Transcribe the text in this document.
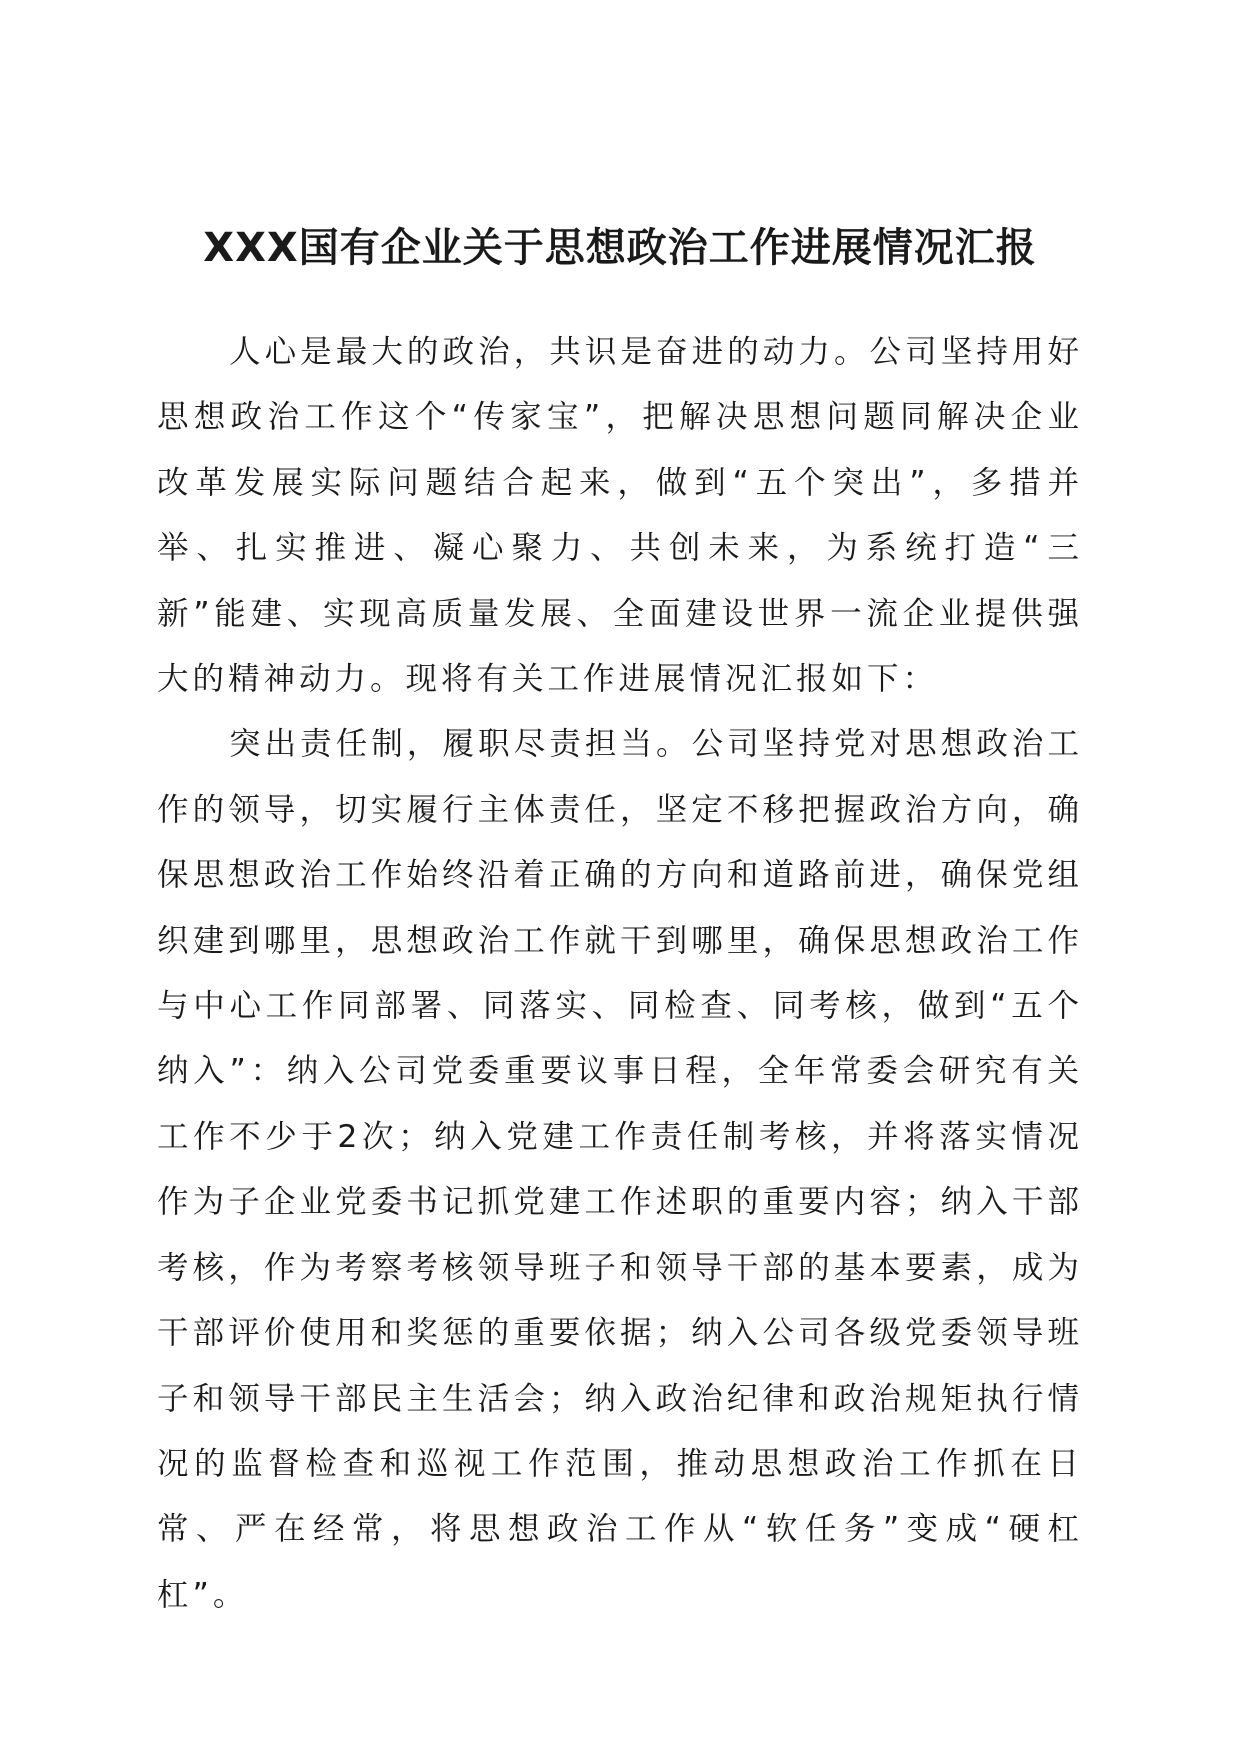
XXX国有企业关于思想政治工作进展情况汇报

人心是最大的政治，共识是奋进的动力。公司坚持用好思想政治工作这个“传家宝”，把解决思想问题同解决企业改革发展实际问题结合起来，做到“五个突出”，多措并举、扎实推进、凝心聚力、共创未来，为系统打造“三新”能建、实现高质量发展、全面建设世界一流企业提供强大的精神动力。现将有关工作进展情况汇报如下：

突出责任制，履职尽责担当。公司坚持党对思想政治工作的领导，切实履行主体责任，坚定不移把握政治方向，确保思想政治工作始终沿着正确的方向和道路前进，确保党组织建到哪里，思想政治工作就干到哪里，确保思想政治工作与中心工作同部署、同落实、同检查、同考核，做到“五个纳入”：纳入公司党委重要议事日程，全年常委会研究有关工作不少于2次；纳入党建工作责任制考核，并将落实情况作为子企业党委书记抓党建工作述职的重要内容；纳入干部考核，作为考察考核领导班子和领导干部的基本要素，成为干部评价使用和奖惩的重要依据；纳入公司各级党委领导班子和领导干部民主生活会；纳入政治纪律和政治规矩执行情况的监督检查和巡视工作范围，推动思想政治工作抓在日常、严在经常，将思想政治工作从“软任务”变成“硬杠杠”。
